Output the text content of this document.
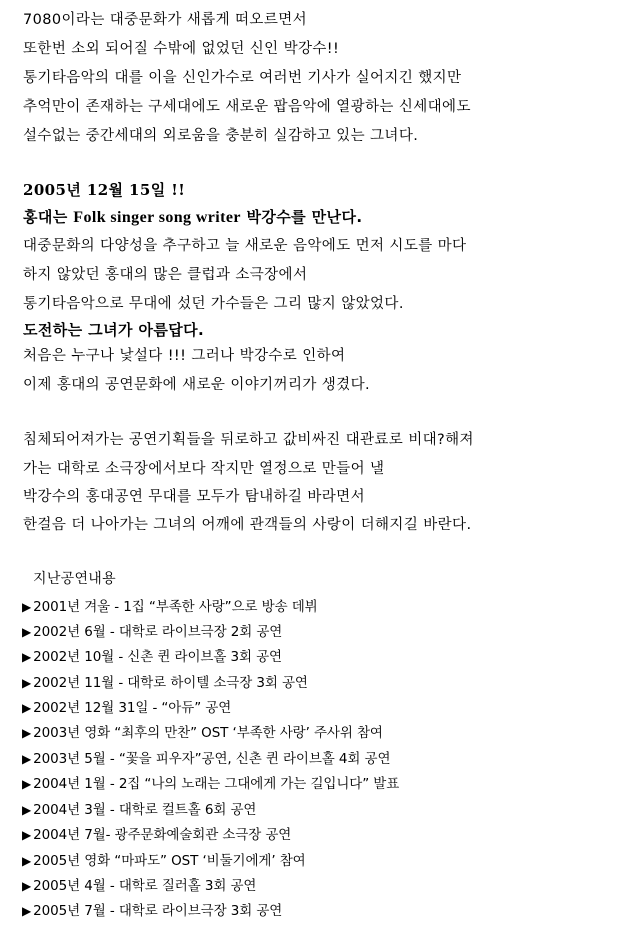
7080이라는 대중문화가 새롭게 떠오르면서
또한번 소외 되어질 수밖에 없었던 신인 박강수!!
통기타음악의 대를 이을 신인가수로 여러번 기사가 실어지긴 했지만
추억만이 존재하는 구세대에도 새로운 팝음악에 열광하는 신세대에도
설수없는 중간세대의 외로움을 충분히 실감하고 있는 그녀다.
2005년 12월 15일 !!
홍대는 Folk singer song writer 박강수를 만난다.
대중문화의 다양성을 추구하고 늘 새로운 음악에도 먼저 시도를 마다
하지 않았던 홍대의 많은 클럽과 소극장에서
통기타음악으로 무대에 섰던 가수들은 그리 많지 않았었다.
도전하는 그녀가 아름답다.
처음은 누구나 낯설다 !!! 그러나 박강수로 인하여
이제 홍대의 공연문화에 새로운 이야기꺼리가 생겼다.
침체되어져가는 공연기획들을 뒤로하고 값비싸진 대관료로 비대?해져
가는 대학로 소극장에서보다 작지만 열정으로 만들어 낼
박강수의 홍대공연 무대를 모두가 탐내하길 바라면서
한걸음 더 나아가는 그녀의 어깨에 관객들의 사랑이 더해지길 바란다.
지난공연내용
▶ 2001년 겨울 - 1집 “부족한 사랑”으로 방송 데뷔
▶ 2002년 6월 - 대학로 라이브극장 2회 공연
▶ 2002년 10월 - 신촌 퀸 라이브홀 3회 공연
▶ 2002년 11월 - 대학로 하이텔 소극장 3회 공연
▶ 2002년 12월 31일 - “아듀” 공연
▶ 2003년 영화 “최후의 만찬” OST ‘부족한 사랑’ 주사위 참여
▶ 2003년 5월 - “꽃을 피우자”공연, 신촌 퀸 라이브홀 4회 공연
▶ 2004년 1월 - 2집 “나의 노래는 그대에게 가는 길입니다” 발표
▶ 2004년 3월 - 대학로 컬트홀 6회 공연
▶ 2004년 7월- 광주문화예술회관 소극장 공연
▶ 2005년 영화 “마파도” OST ‘비둘기에게’ 참여
▶ 2005년 4월 - 대학로 질러홀 3회 공연
▶ 2005년 7월 - 대학로 라이브극장 3회 공연
